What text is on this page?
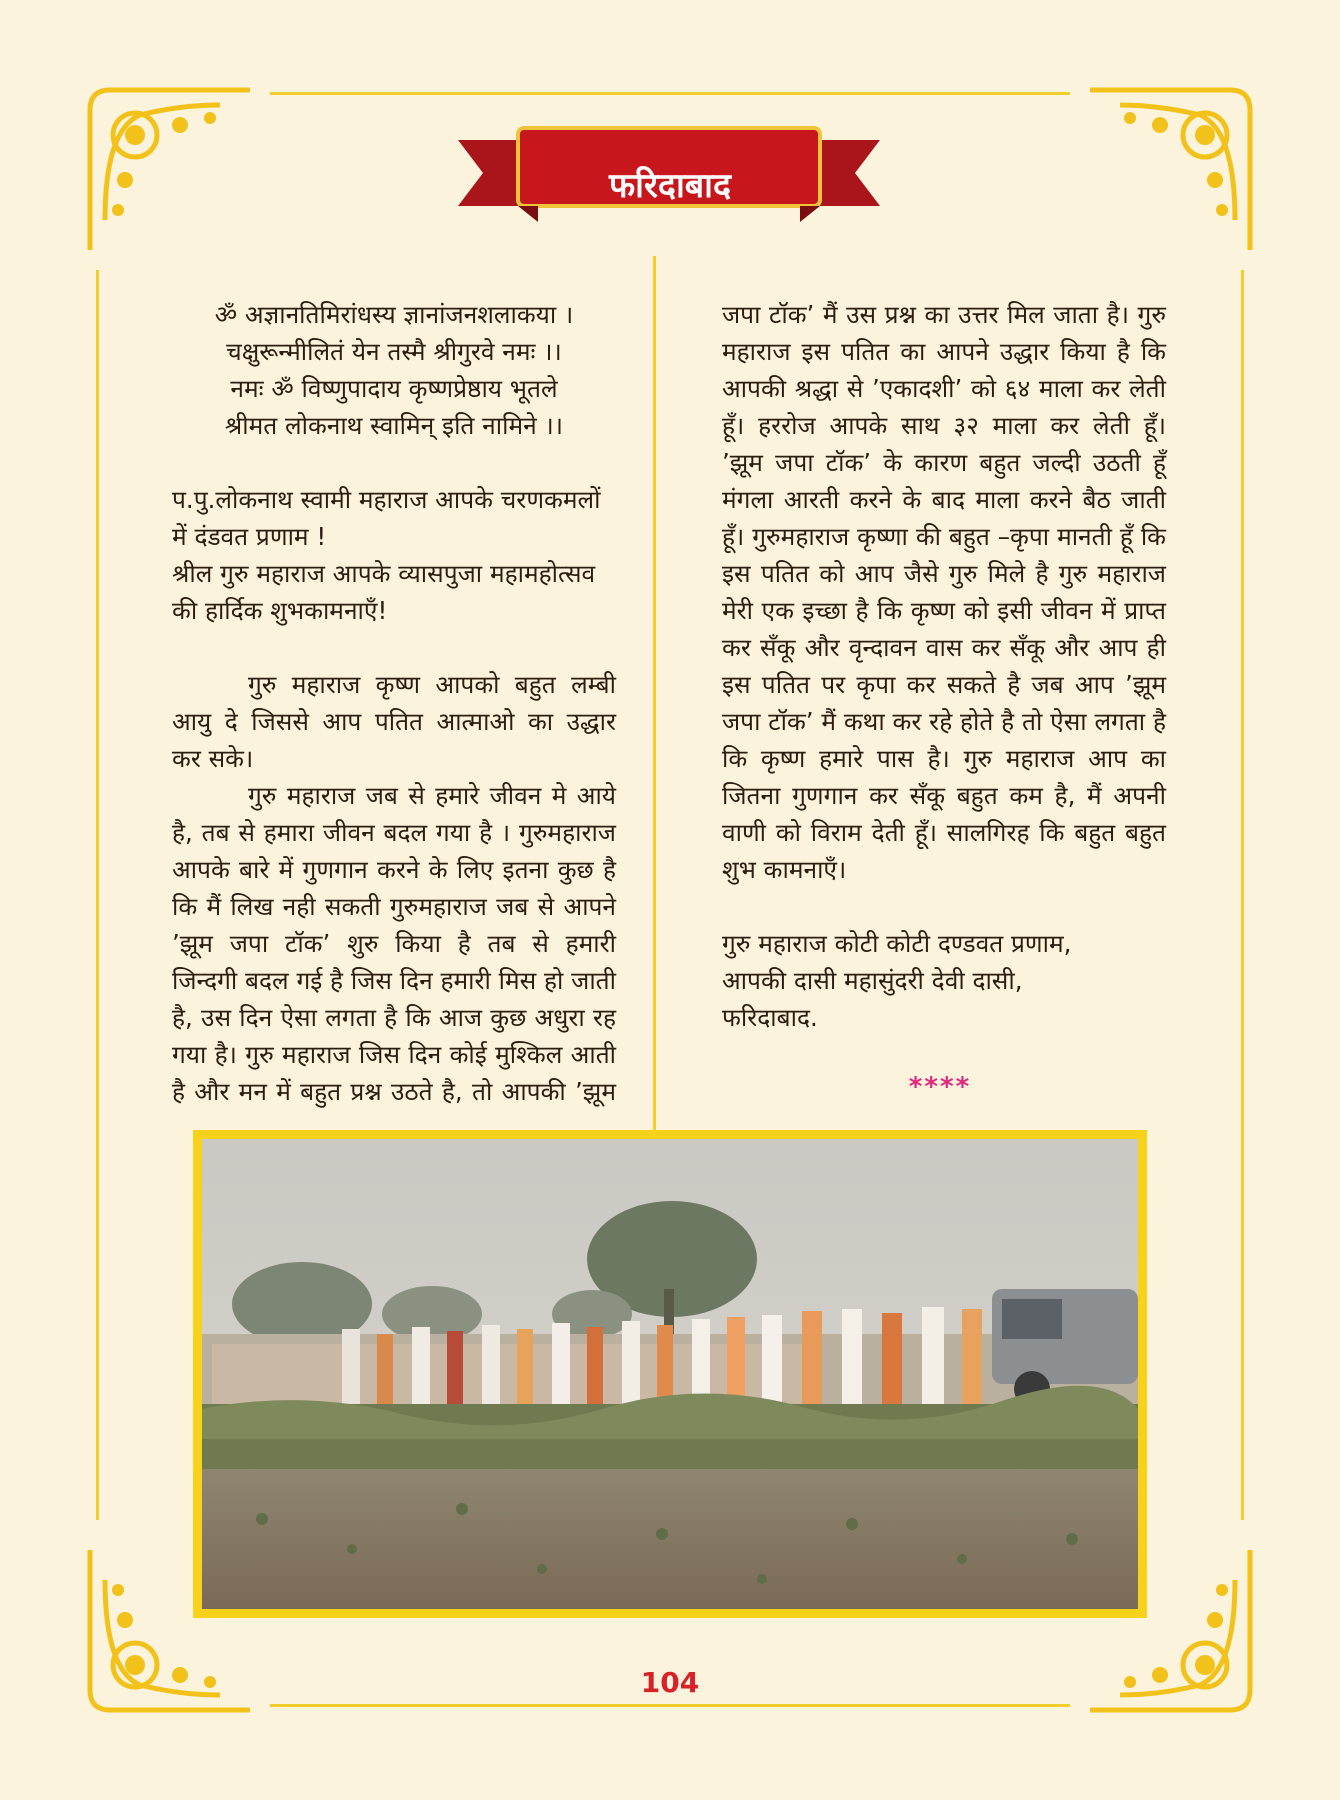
फरिदाबाद

ॐ अज्ञानतिमिरांधस्य ज्ञानांजनशलाकया ।

चक्षुरून्मीलितं येन तस्मै श्रीगुरवे नमः ।।

नमः ॐ विष्णुपादाय कृष्णप्रेष्ठाय भूतले

श्रीमत लोकनाथ स्वामिन् इति नामिने ।।

प.पु.लोकनाथ स्वामी महाराज आपके चरणकमलों

में दंडवत प्रणाम !

श्रील गुरु महाराज आपके व्यासपुजा महामहोत्सव

की हार्दिक शुभकामनाएँ!

गुरु महाराज कृष्ण आपको बहुत लम्बी

आयु दे जिससे आप पतित आत्माओ का उद्धार

कर सके।

गुरु महाराज जब से हमारे जीवन मे आये

है, तब से हमारा जीवन बदल गया है । गुरुमहाराज

आपके बारे में गुणगान करने के लिए इतना कुछ है

कि मैं लिख नही सकती गुरुमहाराज जब से आपने

’झूम जपा टॉक’ शुरु किया है तब से हमारी

जिन्दगी बदल गई है जिस दिन हमारी मिस हो जाती

है, उस दिन ऐसा लगता है कि आज कुछ अधुरा रह

गया है। गुरु महाराज जिस दिन कोई मुश्किल आती

है और मन में बहुत प्रश्न उठते है, तो आपकी ’झूम

जपा टॉक’ मैं उस प्रश्न का उत्तर मिल जाता है। गुरु

महाराज इस पतित का आपने उद्धार किया है कि

आपकी श्रद्धा से ’एकादशी’ को ६४ माला कर लेती

हूँ। हररोज आपके साथ ३२ माला कर लेती हूँ।

’झूम जपा टॉक’ के कारण बहुत जल्दी उठती हूँ

मंगला आरती करने के बाद माला करने बैठ जाती

हूँ। गुरुमहाराज कृष्णा की बहुत –कृपा मानती हूँ कि

इस पतित को आप जैसे गुरु मिले है गुरु महाराज

मेरी एक इच्छा है कि कृष्ण को इसी जीवन में प्राप्त

कर सँकू और वृन्दावन वास कर सँकू और आप ही

इस पतित पर कृपा कर सकते है जब आप ’झूम

जपा टॉक’ मैं कथा कर रहे होते है तो ऐसा लगता है

कि कृष्ण हमारे पास है। गुरु महाराज आप का

जितना गुणगान कर सँकू बहुत कम है, मैं अपनी

वाणी को विराम देती हूँ। सालगिरह कि बहुत बहुत

शुभ कामनाएँ।

गुरु महाराज कोटी कोटी दण्डवत प्रणाम,

आपकी दासी महासुंदरी देवी दासी,

फरिदाबाद.

****
104
